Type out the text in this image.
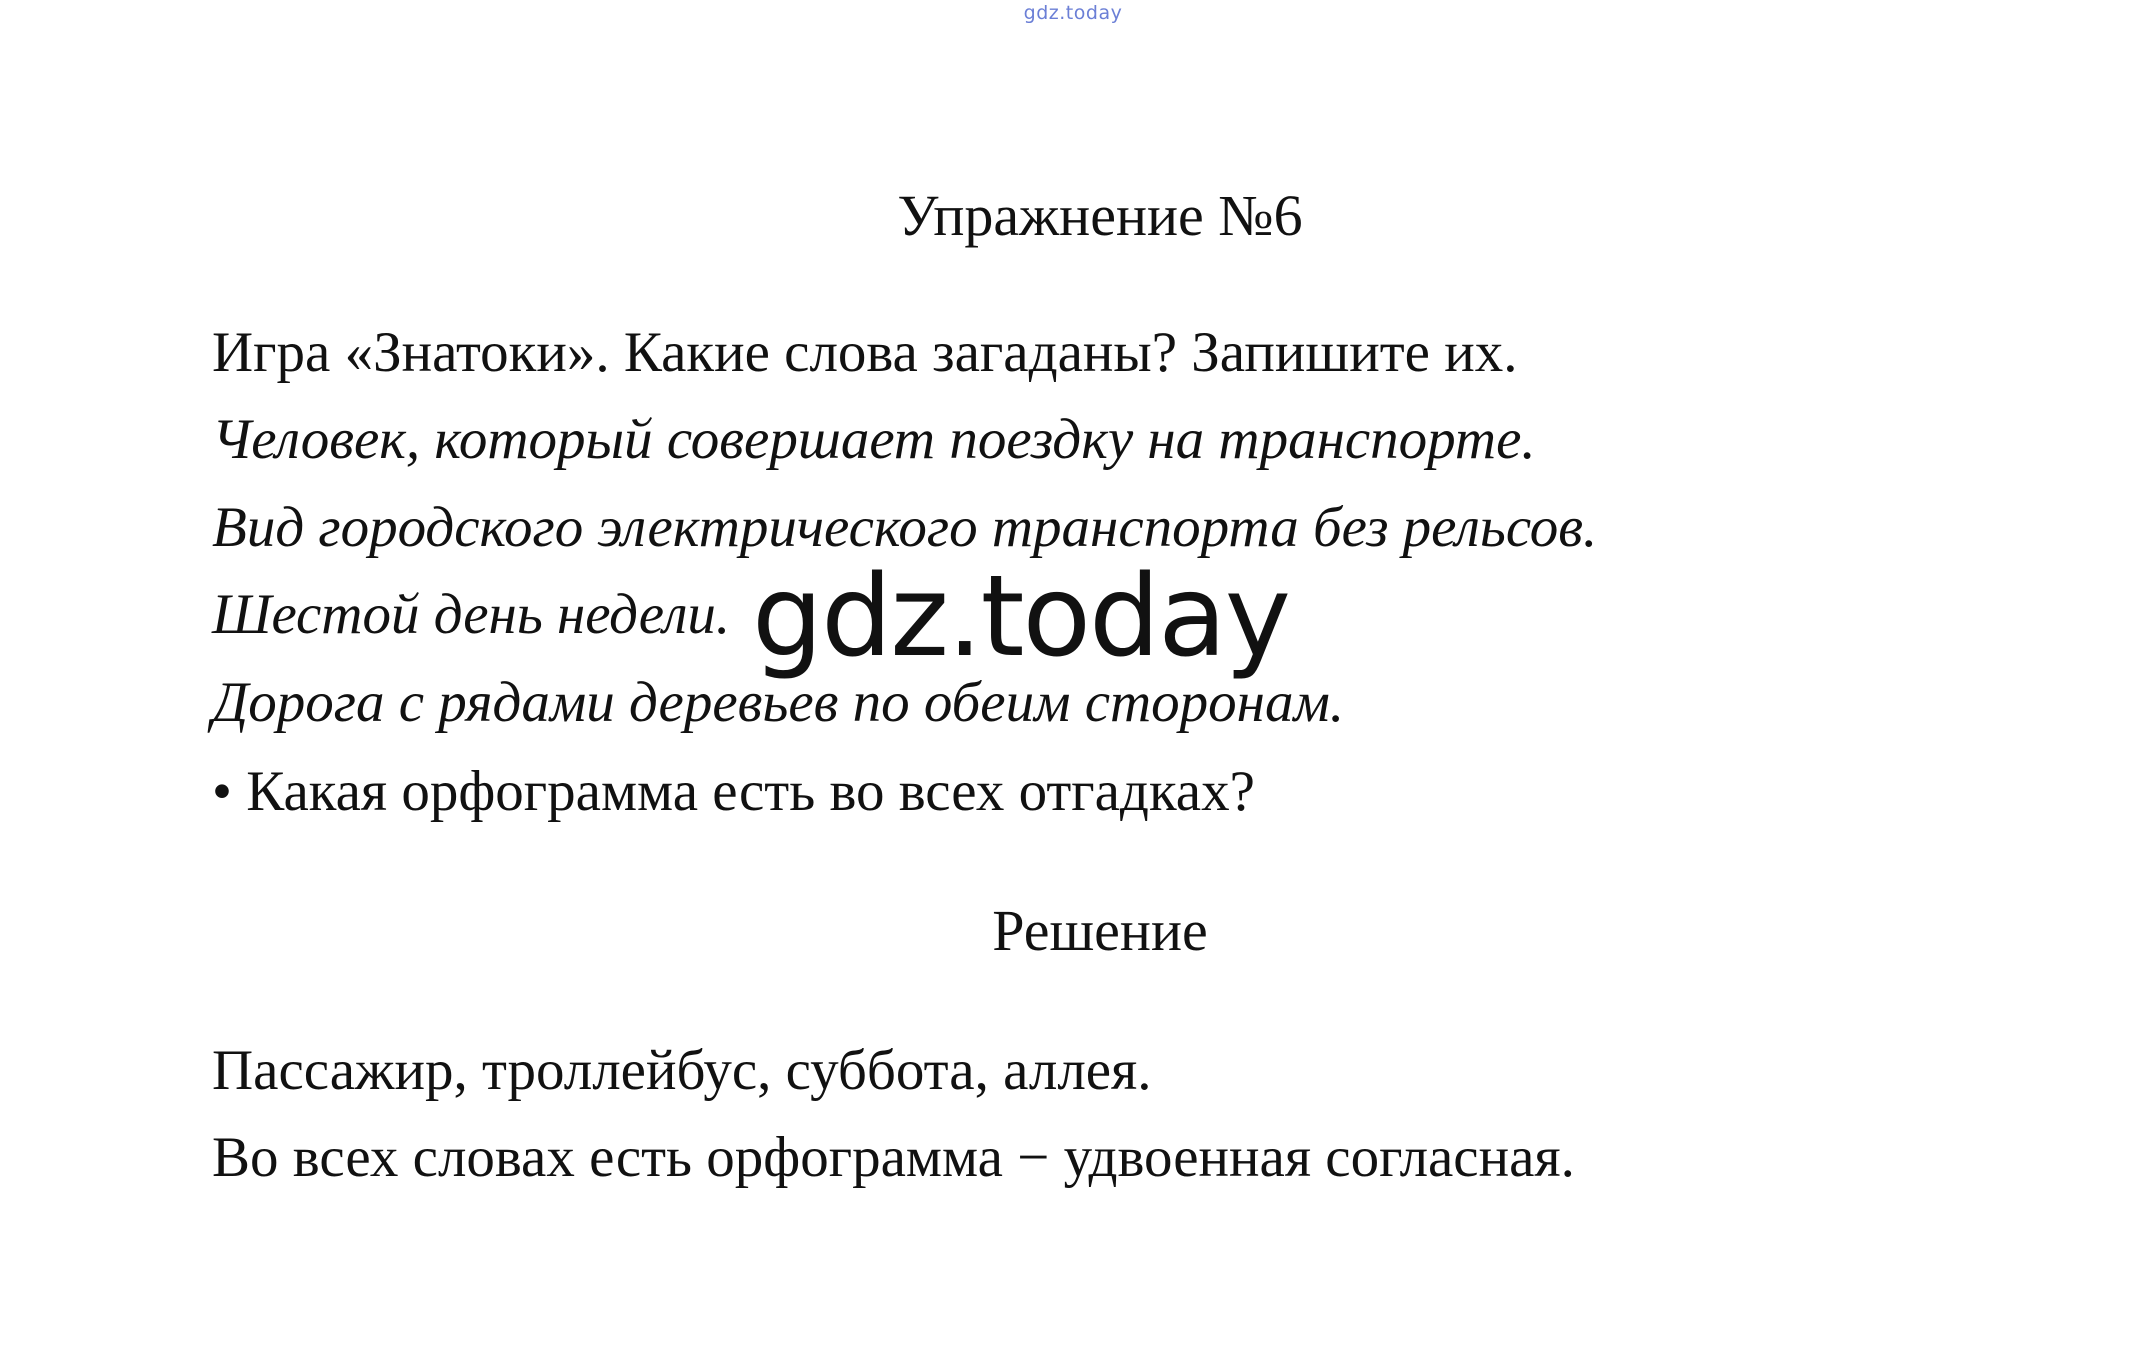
gdz.today
Упражнение №6
Игра «Знатоки». Какие слова загаданы? Запишите их.
Человек, который совершает поездку на транспорте.
Вид городского электрического транспорта без рельсов.
Шестой день недели.
Дорога с рядами деревьев по обеим сторонам.
• Какая орфограмма есть во всех отгадках?
Решение
Пассажир, троллейбус, суббота, аллея.
Во всех словах есть орфограмма − удвоенная согласная.
gdz.today
